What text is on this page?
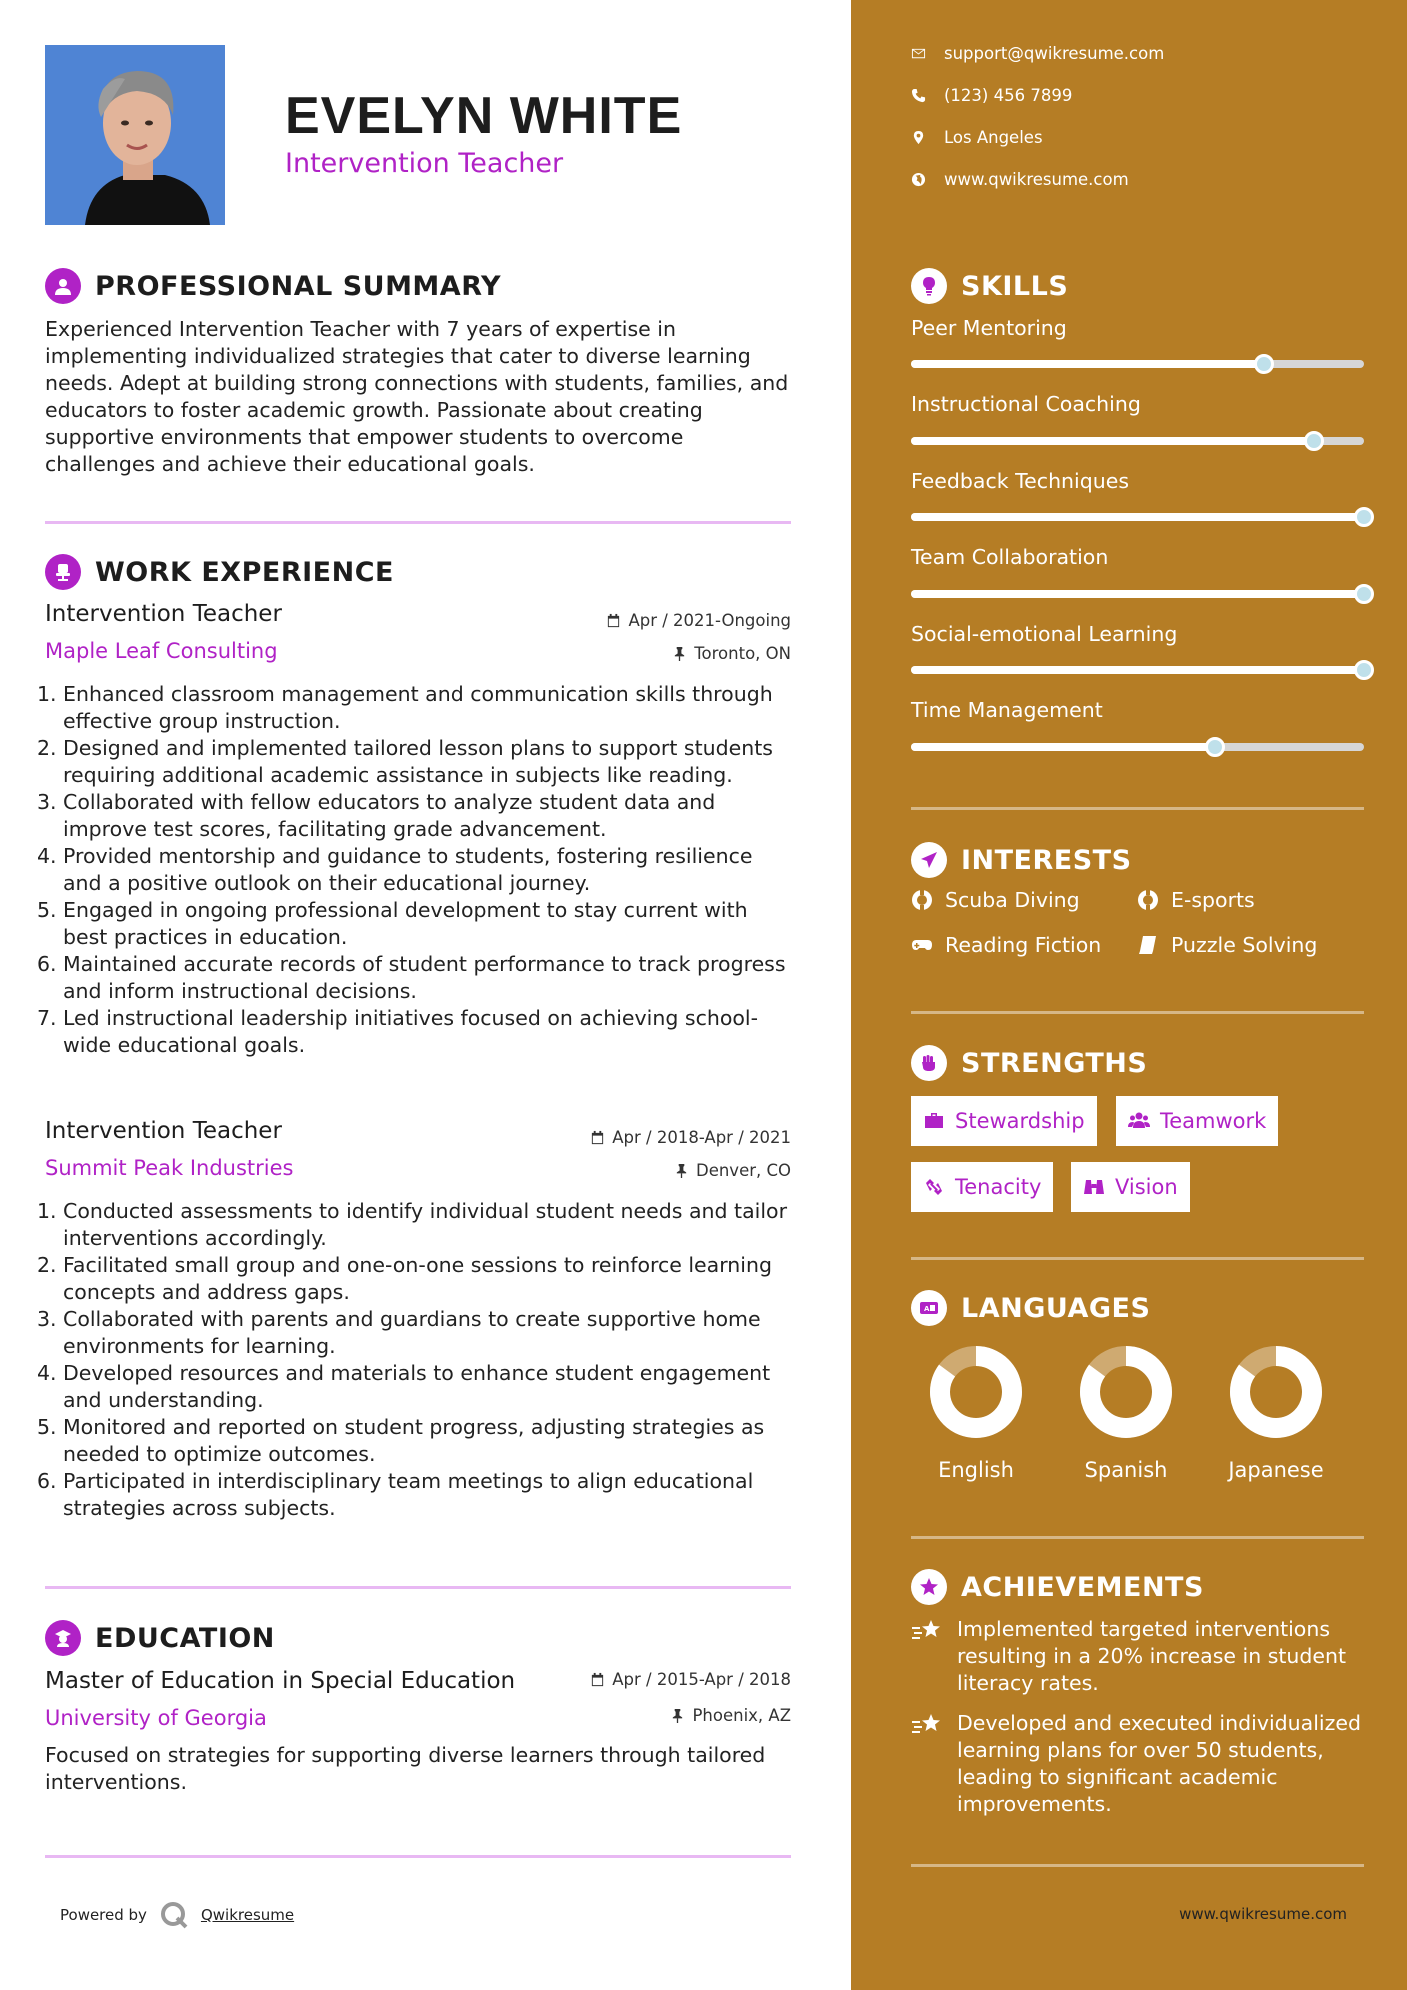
EVELYN WHITE
Intervention Teacher
PROFESSIONAL SUMMARY
Experienced Intervention Teacher with 7 years of expertise in implementing individualized strategies that cater to diverse learning needs. Adept at building strong connections with students, families, and educators to foster academic growth. Passionate about creating supportive environments that empower students to overcome challenges and achieve their educational goals.
WORK EXPERIENCE
Intervention Teacher	Apr / 2021-Ongoing
Maple Leaf Consulting	Toronto, ON
1. Enhanced classroom management and communication skills through effective group instruction.
2. Designed and implemented tailored lesson plans to support students requiring additional academic assistance in subjects like reading.
3. Collaborated with fellow educators to analyze student data and improve test scores, facilitating grade advancement.
4. Provided mentorship and guidance to students, fostering resilience and a positive outlook on their educational journey.
5. Engaged in ongoing professional development to stay current with best practices in education.
6. Maintained accurate records of student performance to track progress and inform instructional decisions.
7. Led instructional leadership initiatives focused on achieving school-wide educational goals.
Intervention Teacher	Apr / 2018-Apr / 2021
Summit Peak Industries	Denver, CO
1. Conducted assessments to identify individual student needs and tailor interventions accordingly.
2. Facilitated small group and one-on-one sessions to reinforce learning concepts and address gaps.
3. Collaborated with parents and guardians to create supportive home environments for learning.
4. Developed resources and materials to enhance student engagement and understanding.
5. Monitored and reported on student progress, adjusting strategies as needed to optimize outcomes.
6. Participated in interdisciplinary team meetings to align educational strategies across subjects.
EDUCATION
Master of Education in Special Education	Apr / 2015-Apr / 2018
University of Georgia	Phoenix, AZ
Focused on strategies for supporting diverse learners through tailored interventions.
Powered by	Qwikresume
support@qwikresume.com
(123) 456 7899
Los Angeles
www.qwikresume.com
SKILLS
Peer Mentoring
Instructional Coaching
Feedback Techniques
Team Collaboration
Social-emotional Learning
Time Management
INTERESTS
Scuba Diving	E-sports
Reading Fiction	Puzzle Solving
STRENGTHS
Stewardship	Teamwork
Tenacity	Vision
A LANGUAGES
English	Spanish	Japanese
ACHIEVEMENTS
Implemented targeted interventions resulting in a 20% increase in student literacy rates.
Developed and executed individualized learning plans for over 50 students, leading to significant academic improvements.
www.qwikresume.com
